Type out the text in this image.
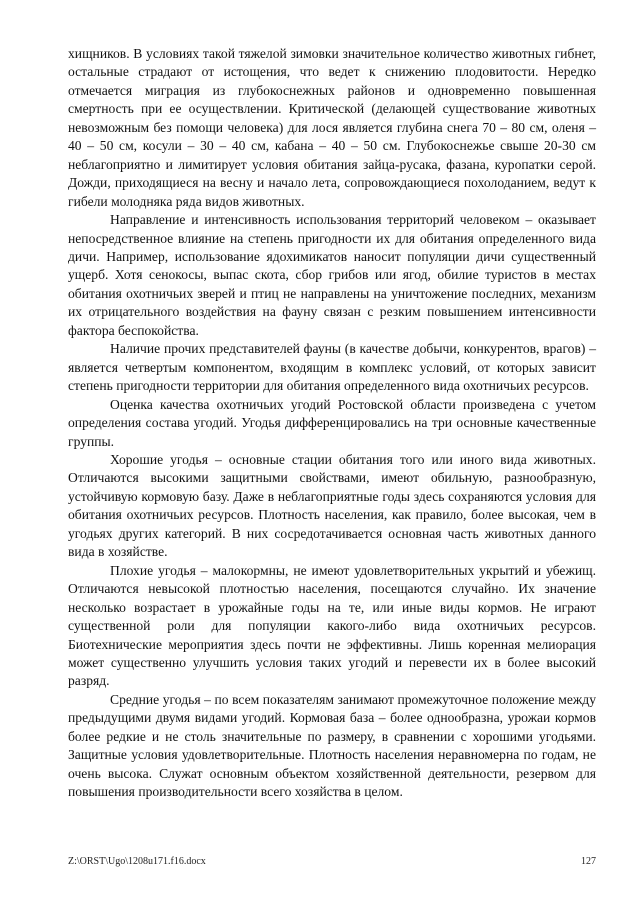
хищников. В условиях такой тяжелой зимовки значительное количество животных гибнет, остальные страдают от истощения, что ведет к снижению плодовитости. Нередко отмечается миграция из глубокоснежных районов и одновременно повышенная смертность при ее осуществлении. Критической (делающей существование животных невозможным без помощи человека) для лося является глубина снега 70 – 80 см, оленя – 40 – 50 см, косули – 30 – 40 см, кабана – 40 – 50 см. Глубокоснежье свыше 20-30 см неблагоприятно и лимитирует условия обитания зайца-русака, фазана, куропатки серой. Дожди, приходящиеся на весну и начало лета, сопровождающиеся похолоданием, ведут к гибели молодняка ряда видов животных.

Направление и интенсивность использования территорий человеком – оказывает непосредственное влияние на степень пригодности их для обитания определенного вида дичи. Например, использование ядохимикатов наносит популяции дичи существенный ущерб. Хотя сенокосы, выпас скота, сбор грибов или ягод, обилие туристов в местах обитания охотничьих зверей и птиц не направлены на уничтожение последних, механизм их отрицательного воздействия на фауну связан с резким повышением интенсивности фактора беспокойства.

Наличие прочих представителей фауны (в качестве добычи, конкурентов, врагов) – является четвертым компонентом, входящим в комплекс условий, от которых зависит степень пригодности территории для обитания определенного вида охотничьих ресурсов.

Оценка качества охотничьих угодий Ростовской области произведена с учетом определения состава угодий. Угодья дифференцировались на три основные качественные группы.

Хорошие угодья – основные стации обитания того или иного вида животных. Отличаются высокими защитными свойствами, имеют обильную, разнообразную, устойчивую кормовую базу. Даже в неблагоприятные годы здесь сохраняются условия для обитания охотничьих ресурсов. Плотность населения, как правило, более высокая, чем в угодьях других категорий. В них сосредотачивается основная часть животных данного вида в хозяйстве.

Плохие угодья – малокормны, не имеют удовлетворительных укрытий и убежищ. Отличаются невысокой плотностью населения, посещаются случайно. Их значение несколько возрастает в урожайные годы на те, или иные виды кормов. Не играют существенной роли для популяции какого-либо вида охотничьих ресурсов. Биотехнические мероприятия здесь почти не эффективны. Лишь коренная мелиорация может существенно улучшить условия таких угодий и перевести их в более высокий разряд.

Средние угодья – по всем показателям занимают промежуточное положение между предыдущими двумя видами угодий. Кормовая база – более однообразна, урожаи кормов более редкие и не столь значительные по размеру, в сравнении с хорошими угодьями. Защитные условия удовлетворительные. Плотность населения неравномерна по годам, не очень высока. Служат основным объектом хозяйственной деятельности, резервом для повышения производительности всего хозяйства в целом.

Z:\ORST\Ugo\1208u171.f16.docx	127
